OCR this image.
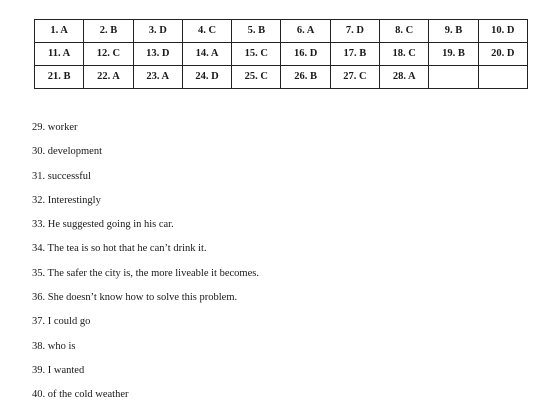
1. A	2. B	3. D	4. C	5. B	6. A	7. D	8. C	9. B	10. D
11. A	12. C	13. D	14. A	15. C	16. D	17. B	18. C	19. B	20. D
21. B	22. A	23. A	24. D	25. C	26. B	27. C	28. A		
29. worker
30. development
31. successful
32. Interestingly
33. He suggested going in his car.
34. The tea is so hot that he can’t drink it.
35. The safer the city is, the more liveable it becomes.
36. She doesn’t know how to solve this problem.
37. I could go
38. who is
39. I wanted
40. of the cold weather
